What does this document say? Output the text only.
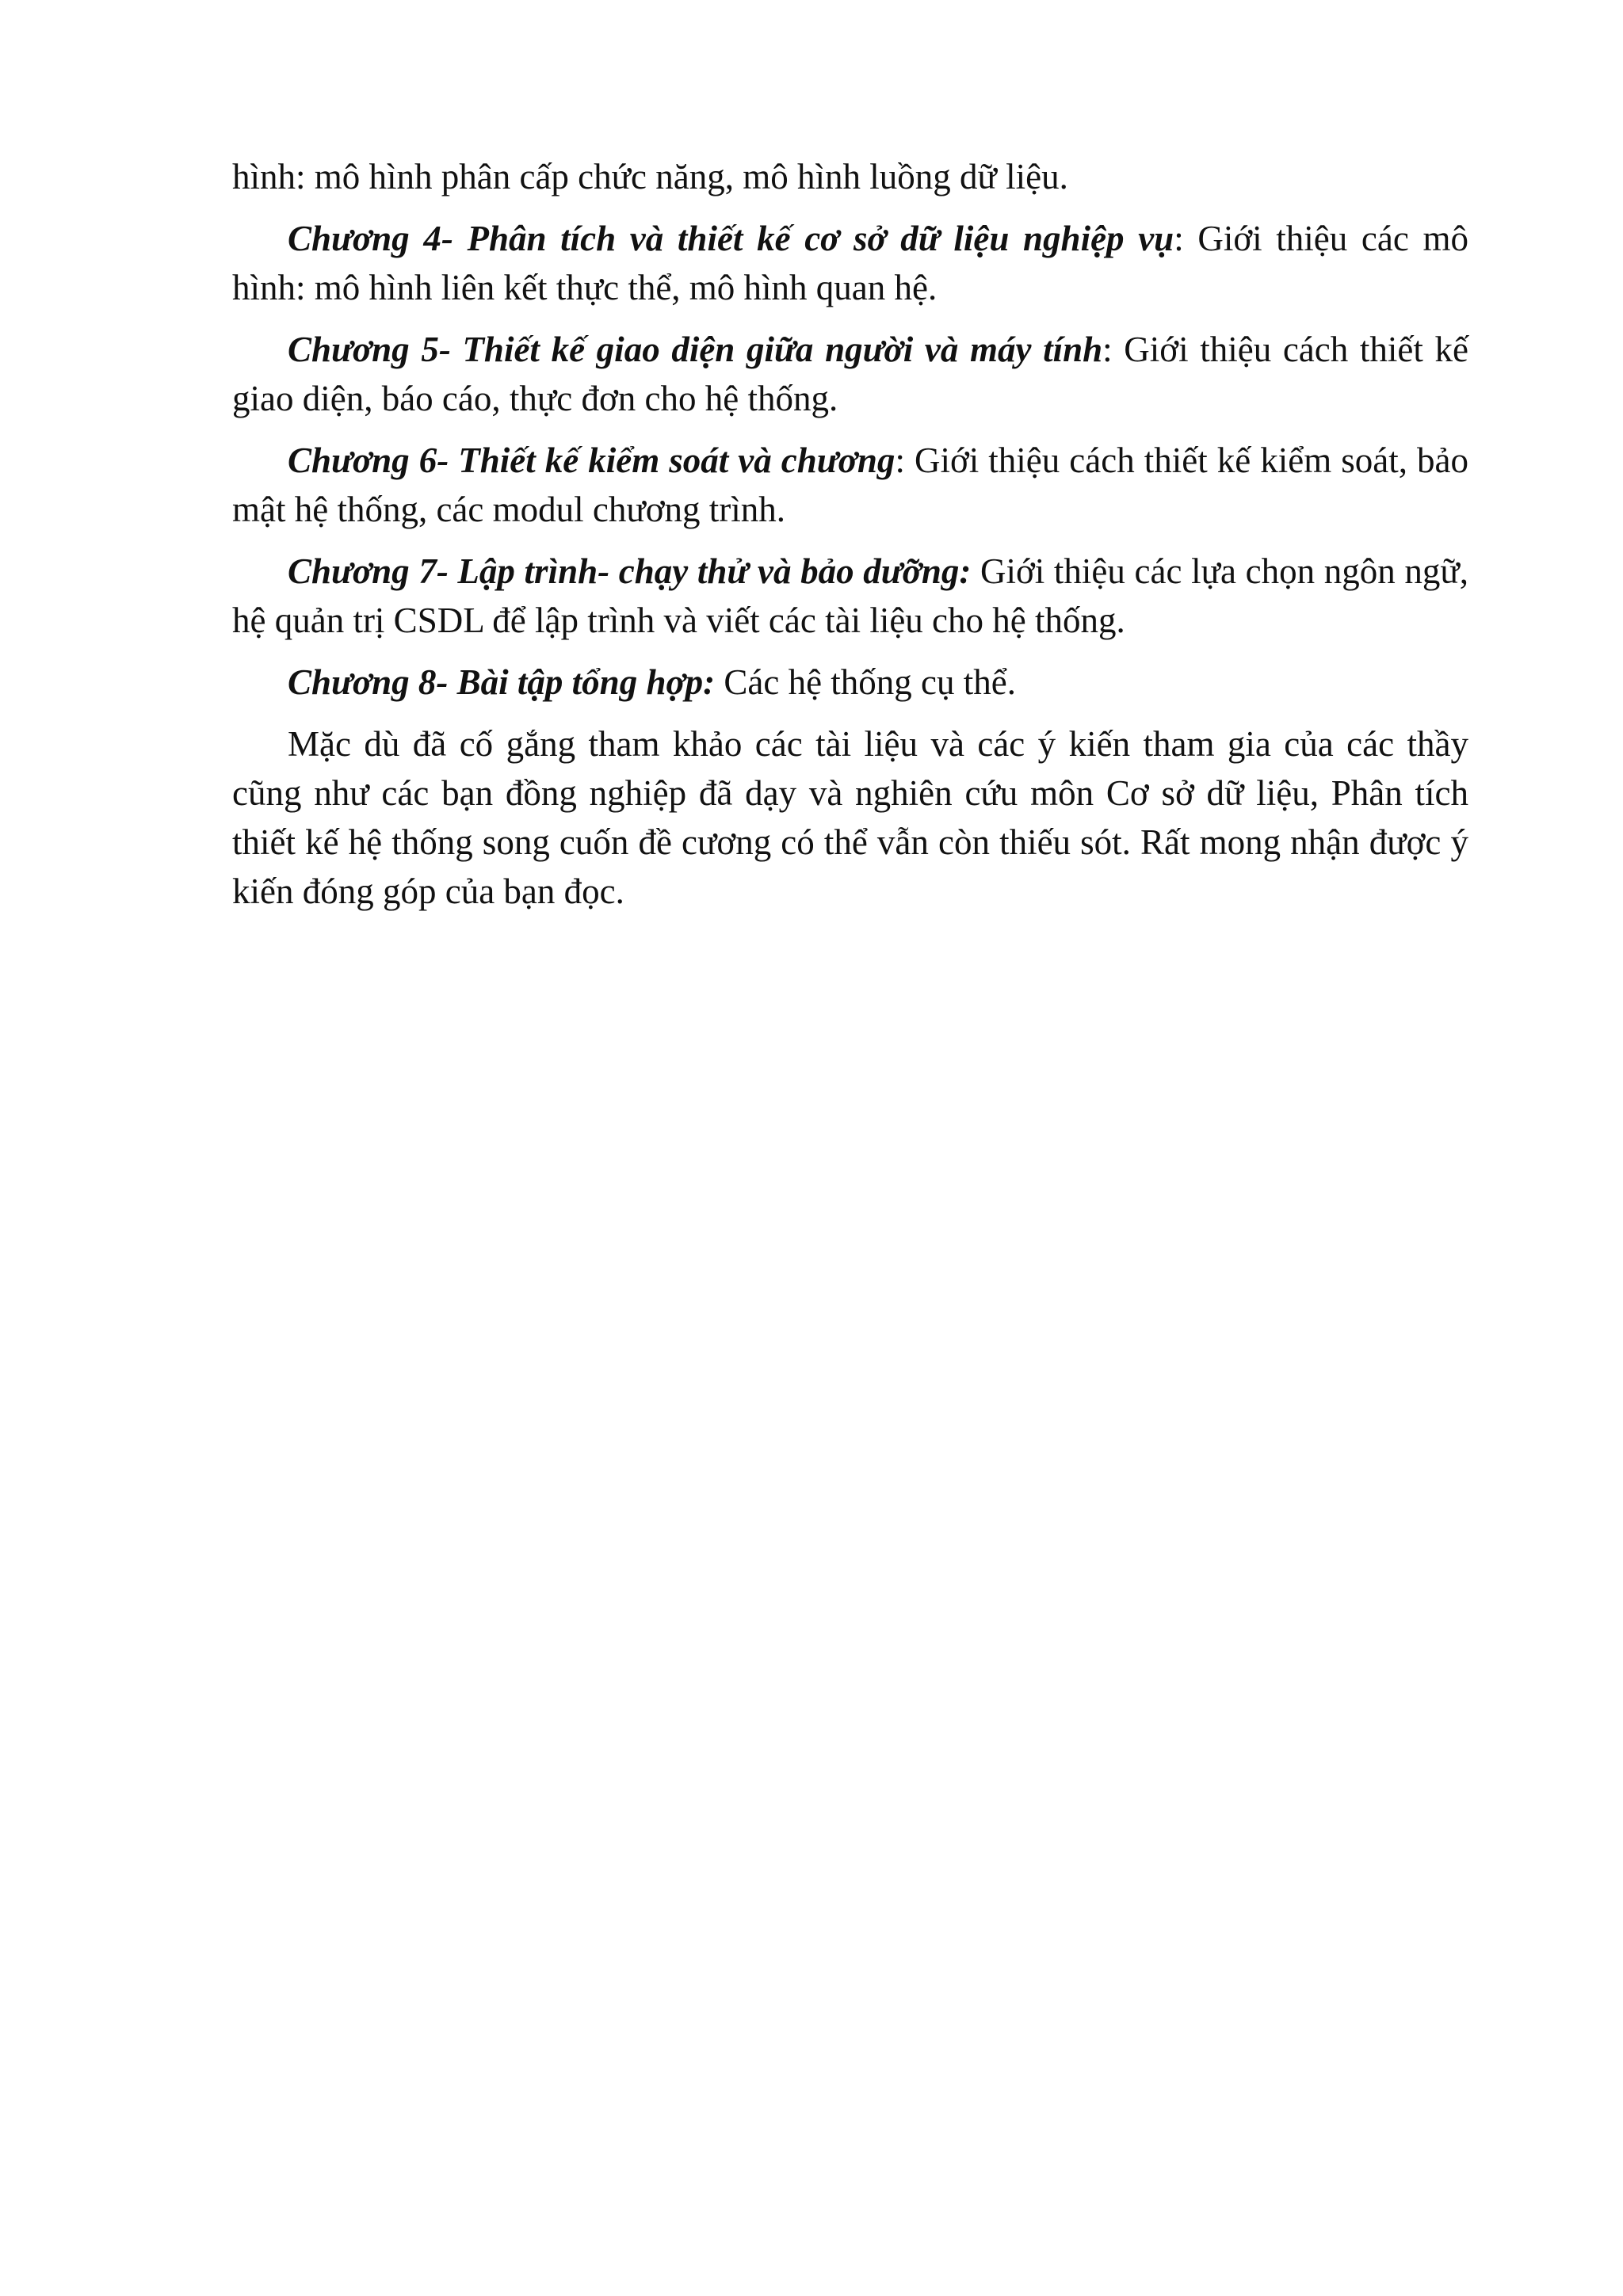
hình: mô hình phân cấp chức năng, mô hình luồng dữ liệu.

Chương 4- Phân tích và thiết kế cơ sở dữ liệu nghiệp vụ: Giới thiệu các mô hình: mô hình liên kết thực thể, mô hình quan hệ.

Chương 5- Thiết kế giao diện giữa người và máy tính: Giới thiệu cách thiết kế giao diện, báo cáo, thực đơn cho hệ thống.

Chương 6- Thiết kế kiểm soát và chương: Giới thiệu cách thiết kế kiểm soát, bảo mật hệ thống, các modul chương trình.

Chương 7- Lập trình- chạy thử và bảo dưỡng: Giới thiệu các lựa chọn ngôn ngữ, hệ quản trị CSDL để lập trình và viết các tài liệu cho hệ thống.

Chương 8- Bài tập tổng hợp: Các hệ thống cụ thể.

Mặc dù đã cố gắng tham khảo các tài liệu và các ý kiến tham gia của các thầy cũng như các bạn đồng nghiệp đã dạy và nghiên cứu môn Cơ sở dữ liệu, Phân tích thiết kế hệ thống song cuốn đề cương có thể vẫn còn thiếu sót. Rất mong nhận được ý kiến đóng góp của bạn đọc.
